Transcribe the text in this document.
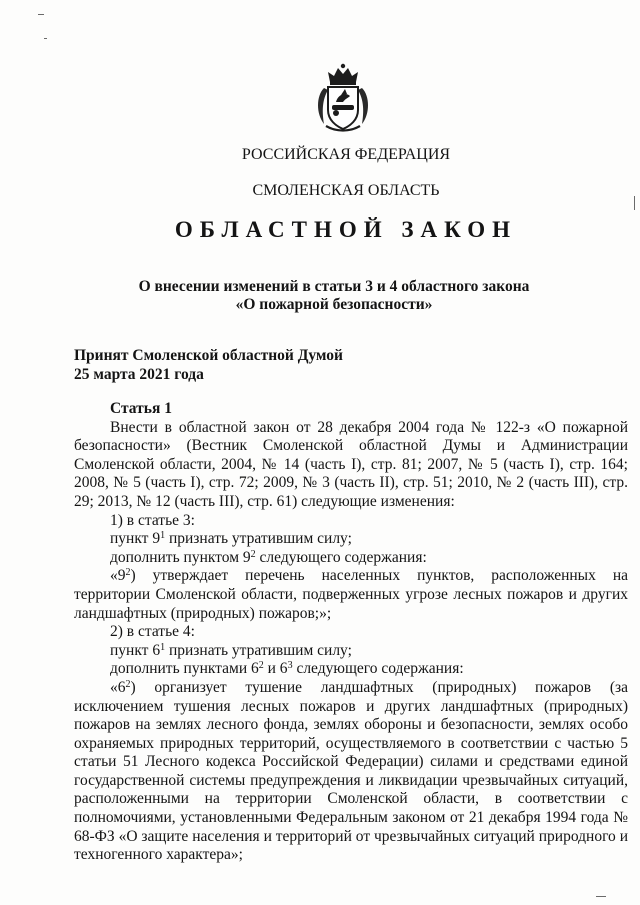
РОССИЙСКАЯ ФЕДЕРАЦИЯ
СМОЛЕНСКАЯ ОБЛАСТЬ
ОБЛАСТНОЙ ЗАКОН
О внесении изменений в статьи 3 и 4 областного закона
«О пожарной безопасности»
Принят Смоленской областной Думой
25 марта 2021 года
Статья 1

Внести в областной закон от 28 декабря 2004 года № 122-з «О пожарной безопасности» (Вестник Смоленской областной Думы и Администрации Смоленской области, 2004, № 14 (часть I), стр. 81; 2007, № 5 (часть I), стр. 164; 2008, № 5 (часть I), стр. 72; 2009, № 3 (часть II), стр. 51; 2010, № 2 (часть III), стр. 29; 2013, № 12 (часть III), стр. 61) следующие изменения:

1) в статье 3:
пункт $9^1$ признать утратившим силу;
дополнить пунктом $9^2$ следующего содержания:

«$9^2$) утверждает перечень населенных пунктов, расположенных на территории Смоленской области, подверженных угрозе лесных пожаров и других ландшафтных (природных) пожаров;»;

2) в статье 4:
пункт $6^1$ признать утратившим силу;
дополнить пунктами $6^2$ и $6^3$ следующего содержания:

«$6^2$) организует тушение ландшафтных (природных) пожаров (за исключением тушения лесных пожаров и других ландшафтных (природных) пожаров на землях лесного фонда, землях обороны и безопасности, землях особо охраняемых природных территорий, осуществляемого в соответствии с частью 5 статьи 51 Лесного кодекса Российской Федерации) силами и средствами единой государственной системы предупреждения и ликвидации чрезвычайных ситуаций, расположенными на территории Смоленской области, в соответствии с полномочиями, установленными Федеральным законом от 21 декабря 1994 года № 68-ФЗ «О защите населения и территорий от чрезвычайных ситуаций природного и техногенного характера»;
